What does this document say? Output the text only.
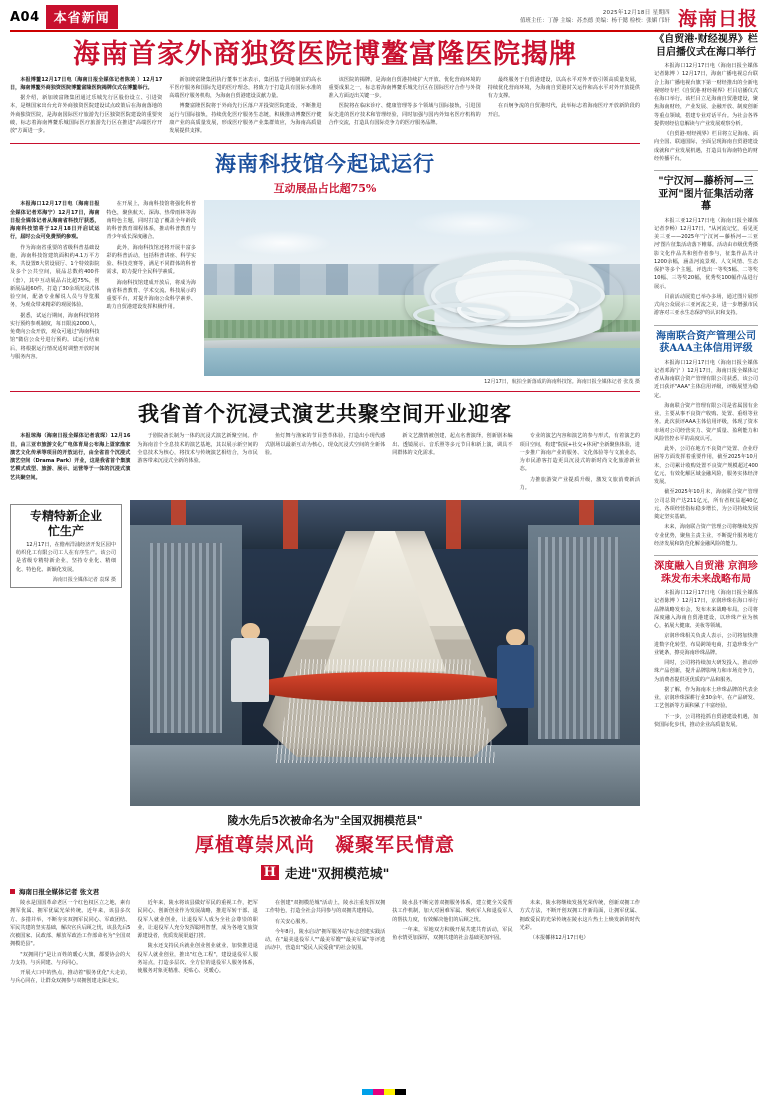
A04	本省新闻	2025年12月18日 星期四
值班主任：丁静 主编：苏杰德 美编：杨千懿 检校：张媚 邝轩 海南日报
《自贸港·财经视界》栏目启播仪式在海口举行

本报海口12月17日电（海南日报全媒体记者陈博 ）12月17日，海南广播电视总台联合上海广播电视台旗下第一财经推出的全新电视财经专栏《自贸港·财经视界》栏目启播仪式在海口举行。该栏目立足海南自贸港建设，聚焦海南财经，产业发展、金融开放、制度创新等重点领域，搭建专业对话平台。为社会各界提供财经信息解读与产业发展观察分析。

《自贸港·财经视界》栏目将立足海南、面向全国、联通国际，全面呈现海南自贸港建设成就和产业发展机遇，打造具有海南特色的财经传播平台。

"宁汉河—藤桥河—三亚河"图片征集活动落幕

本报三亚12月17日电（海南日报全媒体记者李畅）12月17日，"从河流记忆，看见更美三亚——2025年'宁汉河—藤桥河—三亚河'图片征集活动落下帷幕。活动由市级优秀摄影文化作品共和创作者参与，征集作品共计1200余幅，涵盖河流景观、人文风情、生态保护等多个主题，评选出一等奖5幅、二等奖10幅、三等奖20幅，优秀奖100幅作品进行展示。

目前活动展览已举办多场，通过图片展形式向公众展示三亚河流之美，进一步增强市民游客对三亚水生态保护的认识和支持。

海南联合资产管理公司获AAA主体信用评级

本报海口12月17日电（海南日报全媒体记者邓海宁 ）12月17日，海南日报全媒体记者从海南联合资产管理有限公司获悉，该公司近日获评"AAA"主体信用评级，评级展望为稳定。

海南联合资产管理有限公司是省属国有企业，主要从事不良资产收购、处置、重组等业务。此次获评AAA主体信用评级，体现了资本市场对公司经营实力、资产质量、盈利能力和风险管控水平的高度认可。

此外，公司在地方不良资产处置、企业纾困等方面发挥着重要作用，截至2025年10月末，公司累计收购处置不良资产规模超过400亿元，有效化解区域金融风险，服务实体经济发展。

截至2025年10月末，海南联合资产管理公司总资产达211亿元，所有者权益超40亿元，各项经营指标稳步增长，为公司持续发展奠定坚实基础。

未来，海南联合资产管理公司将继续发挥专业优势，聚焦主责主业，不断提升服务地方经济发展和防范化解金融风险的能力。

深度融入自贸港 京润珍珠发布未来战略布局

本报海口12月17日电（海南日报全媒体记者陈博 ）12月17日，京润珍珠在海口举行品牌战略发布会，发布未来战略布局。公司将深度融入海南自贸港建设，以珍珠产业为核心，拓展大健康、美妆等领域。

京润珍珠相关负责人表示，公司将加快推进数字化转型，布局跨境电商，打造珍珠全产业链条，擦亮海南珍珠品牌。

同时，公司将持续加大研发投入，推动珍珠产品创新，提升品牌影响力和市场竞争力，为消费者提供更优质的产品和服务。

据了解，作为海南本土珍珠品牌的代表企业，京润珍珠深耕行业30余年，在产品研发、工艺创新等方面积累了丰富经验。

下一步，公司将抢抓自贸港建设机遇，加快国际化步伐，推动企业高质量发展。

海南首家外商独资医院博鳌富隆医院揭牌

本报博鳌12月17日电（海南日报全媒体记者陈美 ）12月17日，海南博鳌外商独资医院博鳌富隆医院揭牌仪式在博鳌举行。

据介绍，新加坡富隆集团通过乐城先行区股份设立、引进资本，是继国家出台允许外商独资医院建设试点政策后在海南落地的外商独资医院，是海南国际医疗旅游先行区独资医院建设的重要突破，标志着海南博鳌乐城国际医疗旅游先行区在推进"高端医疗开放"方面进一步。

新加坡富隆集团执行董事王冰表示，集团基于因地制宜的高水平医疗服务和国际先进的医疗理念，将致力于打造具有国际水准的高端医疗服务机构，为海南自贸港建设贡献力量。

博鳌富隆医院将于外商先行区落户并投资医院建设，不断推进运行与国际接轨，持续优化医疗服务生态链，积极推动博鳌医疗健康产业的高质量发展，形成医疗服务产业集群效应，为海南高质量发展提供支撑。

该医院的揭牌，是海南自贸港持续扩大开放、优化营商环境的重要成果之一，标志着海南博鳌乐城先行区在国际医疗合作与外资准入方面迈出关键一步。

医院将在临床诊疗、健康管理等多个领域与国际接轨，引进国际先进的医疗技术和管理经验，同时加强与国内外知名医疗机构的合作交流，打造具有国际竞争力的医疗服务品牌。

最终服务于自贸港建设，以高水平对外开放引领高质量发展，持续优化营商环境，为海南自贸港封关运作和高水平对外开放提供有力支撑。

在百舸争流的自贸港时代，此举标志着海南医疗开放新阶段的开启。

海南科技馆今起试运行
互动展品占比超75%

本报海口12月17日电（海南日报全媒体记者邓海宁）12月17日，海南日报全媒体记者从海南省科技厅获悉，海南科技馆将于12月18日开启试运行，届时公众可免费预约参观。

作为海南省重要的省级科普基础设施，海南科技馆建筑面积约4.1万平方米，共设置8大常设展厅、1个特效影院及多个公共空间，展品总数约400件（套），其中互动展品占比超75%，创新展品超60件，打造了30余项沉浸式体验空间，配备专业解说人员与导览服务，为观众带来精彩的观展体验。

据悉，试运行期间，海南科技馆将实行预约参观制度，每日限流2000人，免费向公众开放，观众可通过"海南科技馆"微信公众号进行预约。试运行结束后，将根据运行情况适时调整开放时间与服务内容。

在开展上，海南科技馆将强化科普特色，聚焦航天、深海、热带雨林等海南特色主题，同时打造了覆盖全年龄段的科普教育课程体系，推动科普教育与青少年成长深度融合。

此外，海南科技馆还将开展丰富多彩的科普活动，包括科普讲座、科学实验、科技竞赛等，满足不同群体的科普需求，助力提升全民科学素质。

海南科技馆建成开放后，将成为海南省科普教育、学术交流、科技展示的重要平台，对提升海南公众科学素养、助力自贸港建设发挥积极作用。

12月17日，航拍全新落成的海南科技馆。海南日报全媒体记者 张茂 摄
我省首个沉浸式演艺共聚空间开业迎客

本报琼海（海南日报全媒体记者袁琛）12月16日，由三亚市旅游文化广电体育局公布海上疍家渔家演艺文化传承等项目的开放运行，由全省首个沉浸式演艺空间（Drama Park）开业，这是我省首个集演艺模式成型、旅游、展示、运营等于一体的沉浸式演艺共聚空间。

于剧院备长制为一体的沉浸式演艺新聚空间。作为海南首个全息技术的演艺基地，其以展示新空间的全息技术为核心，将技术与传统演艺相结合，为市民游客带来沉浸式全新的体验。

鱼灯舞与渔家的节目荟萃体验，打造出小现代感式剧场以最新互动为核心，现众沉浸式空间的全新体验。

新文艺激情被创建，起点名著演绎，创新剧本编出、透镜展示、音乐照等多元节目和新上演，调具不同群体的文化需求。

专业的演艺内容和演艺的参与形式，有着演艺的项目空间，构建"院展+社交+休闲"全新聚焦体验，进一步推广海南产业的服务、文化体验等与文旅业态，为市民游客打造更具沉浸式的新时尚文化旅游新业态。

力推旅游资产业提质升级，激发文旅消费新活力。

专精特新企业
忙生产

12月17日，在儋州洋浦经济开发区园中纺织化工有限公司工人在有序生产。该公司是省级专精特新企业，坚持专业化、精细化、特色化、新颖化发展。

海南日报全媒体记者 袁琛 摄
陵水先后5次被命名为"全国双拥模范县"
厚植尊崇风尚　凝聚军民情意
H 走进"双拥模范城"
海南日报全媒体记者 张文君

陵水是国国革命老区一个红色权区立之地，素有拥军优属、拥军优属光荣传统。近年来，该县多次方、多措并举，不断夯实双拥军民同心、军政团结、军民共建的坚实基础，解决官兵后顾之忧，该县先后5次被国家、民政部、解放军政治工作部命名为"全国双拥模范县"。

"双拥同行"是让百姓的暖心大旗，都要协会的大力支持，与兵同建、与兵同心。

开展大口中的热点，推动着"服务优化"大走访，与兵心同在，让群众双拥参与双拥创建走深走实。

近年来，陵水将该县做好军民的重视工作，把军民同心、创新创业作为发展战略，推进军转干部、退役军人就业创业，让退役军人成为全社会尊崇的职业，让退役军人充分发挥聪明智慧，成为各地文旅资源建设者，优质发展渠道打捞。

陵水还支持民兵就业创业创业就业，加快推进退役军人就业创业，推出"红色工程"，建设退役军人服务站点，打造多层次、全方位的退役军人服务体系，使服务对象更精准、更贴心、更暖心。

在创建"双拥模范城"活动上，陵水注重发挥双拥工作特色，打造全社会共同参与的双拥共建格局。

有关安心服务。

今年8月，陵水启动"拥军服务站"标志创建实践活动，在"最美退役军人""最美军嫂""最美军属"等评选活动中，营造出"爱民人民爱我"的社会氛围。

陵水县不断完善双拥服务体系，建立健全关爱帮扶工作机制，加大对困难军属、残疾军人和退役军人的帮扶力度，有效解决他们的后顾之忧。

一年来，军地双方积极开展共建共育活动，军民鱼水情更加深厚，双拥共建的社会基础更加牢固。

未来，陵水将继续发扬光荣传统，创新双拥工作方式方法，不断开创双拥工作新局面，让拥军优属、拥政爱民的光荣传统在陵水这片热土上焕发新的时代光彩。

（本报椰林12月17日电）
